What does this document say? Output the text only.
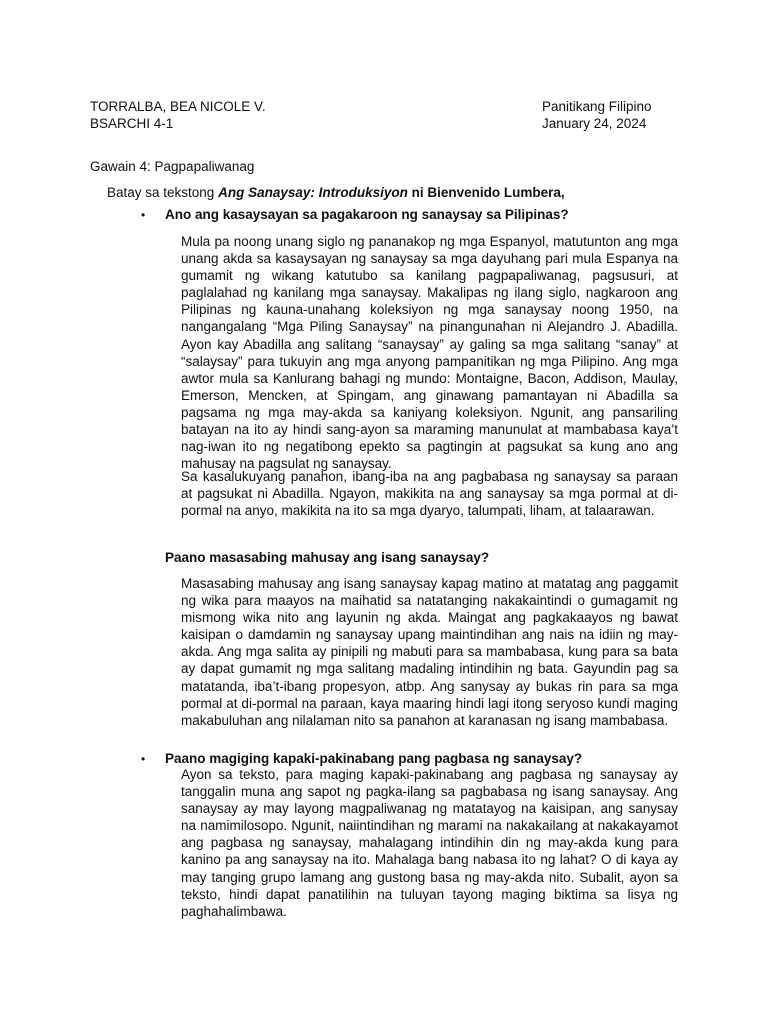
TORRALBA, BEA NICOLE V.
BSARCHI 4-1
Panitikang Filipino
January 24, 2024
Gawain 4: Pagpapaliwanag
Batay sa tekstong Ang Sanaysay: Introduksiyon ni Bienvenido Lumbera,
• Ano ang kasaysayan sa pagakaroon ng sanaysay sa Pilipinas?
Mula pa noong unang siglo ng pananakop ng mga Espanyol, matutunton ang mga
unang akda sa kasaysayan ng sanaysay sa mga dayuhang pari mula Espanya na
gumamit ng wikang katutubo sa kanilang pagpapaliwanag, pagsusuri, at
paglalahad ng kanilang mga sanaysay. Makalipas ng ilang siglo, nagkaroon ang
Pilipinas ng kauna-unahang koleksiyon ng mga sanaysay noong 1950, na
nangangalang “Mga Piling Sanaysay” na pinangunahan ni Alejandro J. Abadilla.
Ayon kay Abadilla ang salitang “sanaysay” ay galing sa mga salitang “sanay” at
“salaysay” para tukuyin ang mga anyong pampanitikan ng mga Pilipino. Ang mga
awtor mula sa Kanlurang bahagi ng mundo: Montaigne, Bacon, Addison, Maulay,
Emerson, Mencken, at Spingam, ang ginawang pamantayan ni Abadilla sa
pagsama ng mga may-akda sa kaniyang koleksiyon. Ngunit, ang pansariling
batayan na ito ay hindi sang-ayon sa maraming manunulat at mambabasa kaya’t
nag-iwan ito ng negatibong epekto sa pagtingin at pagsukat sa kung ano ang
mahusay na pagsulat ng sanaysay.
Sa kasalukuyang panahon, ibang-iba na ang pagbabasa ng sanaysay sa paraan
at pagsukat ni Abadilla. Ngayon, makikita na ang sanaysay sa mga pormal at di-
pormal na anyo, makikita na ito sa mga dyaryo, talumpati, liham, at talaarawan.
Paano masasabing mahusay ang isang sanaysay?
Masasabing mahusay ang isang sanaysay kapag matino at matatag ang paggamit
ng wika para maayos na maihatid sa natatanging nakakaintindi o gumagamit ng
mismong wika nito ang layunin ng akda. Maingat ang pagkakaayos ng bawat
kaisipan o damdamin ng sanaysay upang maintindihan ang nais na idiin ng may-
akda. Ang mga salita ay pinipili ng mabuti para sa mambabasa, kung para sa bata
ay dapat gumamit ng mga salitang madaling intindihin ng bata. Gayundin pag sa
matatanda, iba’t-ibang propesyon, atbp. Ang sanysay ay bukas rin para sa mga
pormal at di-pormal na paraan, kaya maaring hindi lagi itong seryoso kundi maging
makabuluhan ang nilalaman nito sa panahon at karanasan ng isang mambabasa.
• Paano magiging kapaki-pakinabang pang pagbasa ng sanaysay?
Ayon sa teksto, para maging kapaki-pakinabang ang pagbasa ng sanaysay ay
tanggalin muna ang sapot ng pagka-ilang sa pagbabasa ng isang sanaysay. Ang
sanaysay ay may layong magpaliwanag ng matatayog na kaisipan, ang sanysay
na namimilosopo. Ngunit, naiintindihan ng marami na nakakailang at nakakayamot
ang pagbasa ng sanaysay, mahalagang intindihin din ng may-akda kung para
kanino pa ang sanaysay na ito. Mahalaga bang nabasa ito ng lahat? O di kaya ay
may tanging grupo lamang ang gustong basa ng may-akda nito. Subalit, ayon sa
teksto, hindi dapat panatilihin na tuluyan tayong maging biktima sa lisya ng
paghahalimbawa.
